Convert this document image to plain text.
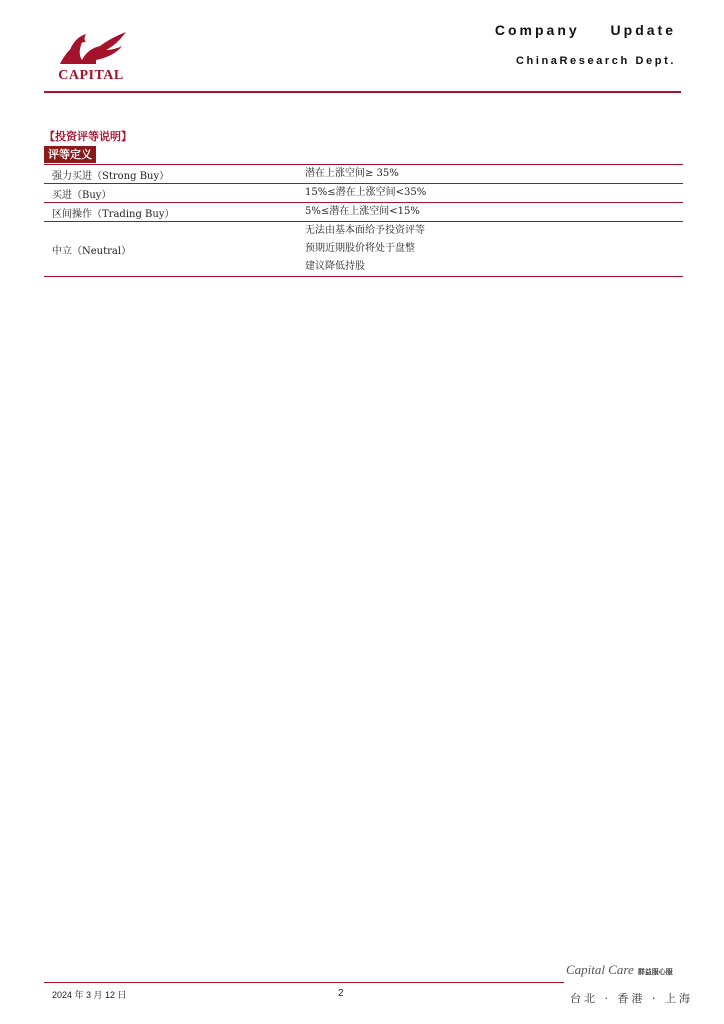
CAPITAL
Company Update
ChinaResearch Dept.
【投资评等说明】
评等定义
强力买进（Strong Buy）	潜在上涨空间≥ 35%

买进（Buy）	15%≤潜在上涨空间<35%

区间操作（Trading Buy）	5%≤潜在上涨空间<15%

中立（Neutral）	无法由基本面给予投资评等
预期近期股价将处于盘整
建议降低持股
2024 年 3 月 12 日	2
Capital Care 群益服心服
台北 · 香港 · 上海
